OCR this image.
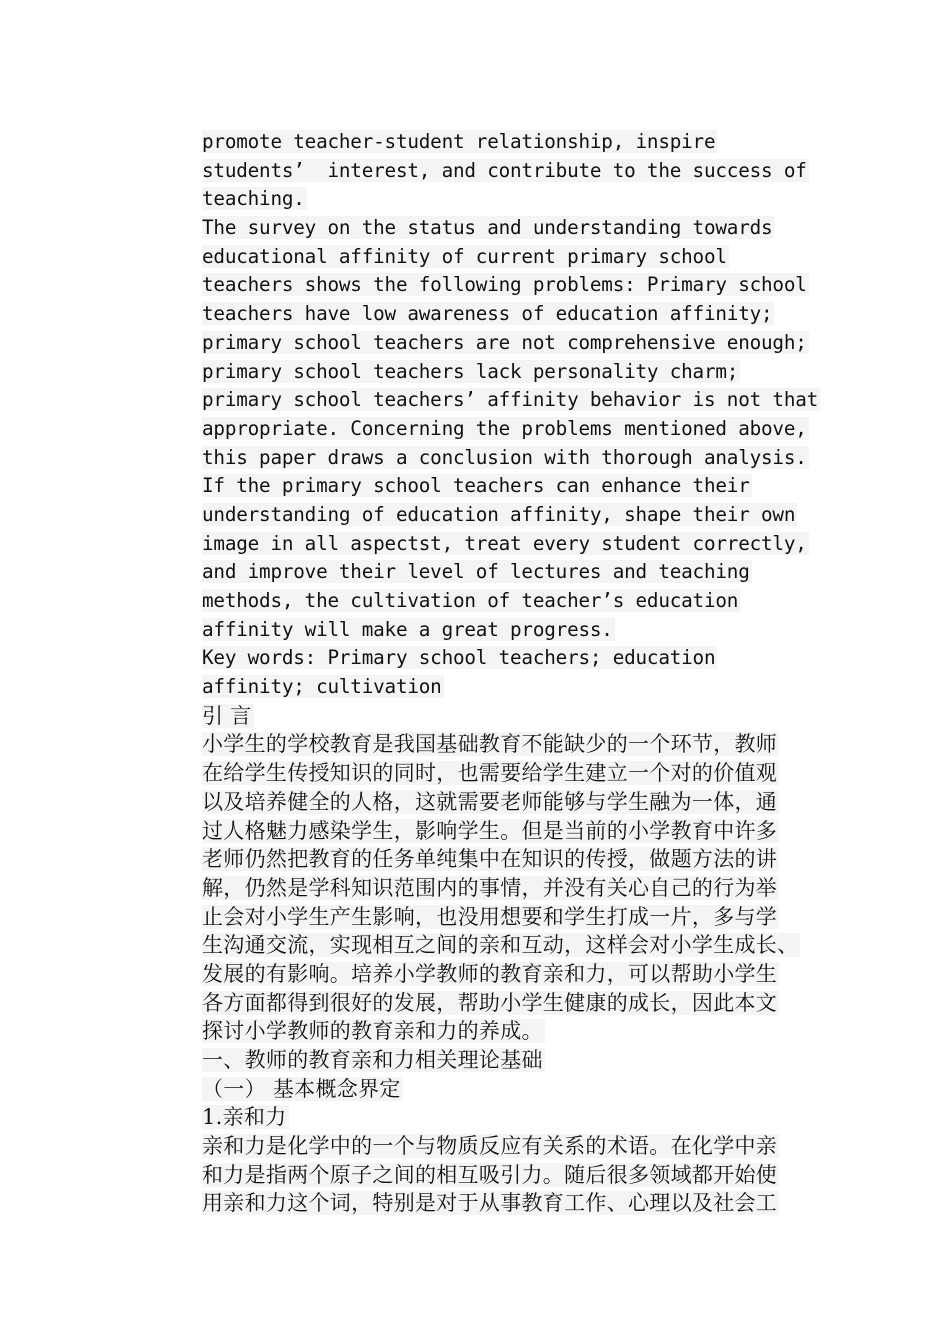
promote teacher-student relationship, inspire
students’  interest, and contribute to the success of
teaching.
The survey on the status and understanding towards
educational affinity of current primary school
teachers shows the following problems: Primary school
teachers have low awareness of education affinity;
primary school teachers are not comprehensive enough;
primary school teachers lack personality charm;
primary school teachers’ affinity behavior is not that
appropriate. Concerning the problems mentioned above,
this paper draws a conclusion with thorough analysis.
If the primary school teachers can enhance their
understanding of education affinity, shape their own
image in all aspectst, treat every student correctly,
and improve their level of lectures and teaching
methods, the cultivation of teacher’s education
affinity will make a great progress.
Key words: Primary school teachers; education
affinity; cultivation
引 言
小学生的学校教育是我国基础教育不能缺少的一个环节，教师
在给学生传授知识的同时，也需要给学生建立一个对的价值观
以及培养健全的人格，这就需要老师能够与学生融为一体，通
过人格魅力感染学生，影响学生。但是当前的小学教育中许多
老师仍然把教育的任务单纯集中在知识的传授，做题方法的讲
解，仍然是学科知识范围内的事情，并没有关心自己的行为举
止会对小学生产生影响，也没用想要和学生打成一片，多与学
生沟通交流，实现相互之间的亲和互动，这样会对小学生成长、
发展的有影响。培养小学教师的教育亲和力，可以帮助小学生
各方面都得到很好的发展，帮助小学生健康的成长，因此本文
探讨小学教师的教育亲和力的养成。
一、教师的教育亲和力相关理论基础
（一） 基本概念界定
1.亲和力
亲和力是化学中的一个与物质反应有关系的术语。在化学中亲
和力是指两个原子之间的相互吸引力。随后很多领域都开始使
用亲和力这个词，特别是对于从事教育工作、心理以及社会工
